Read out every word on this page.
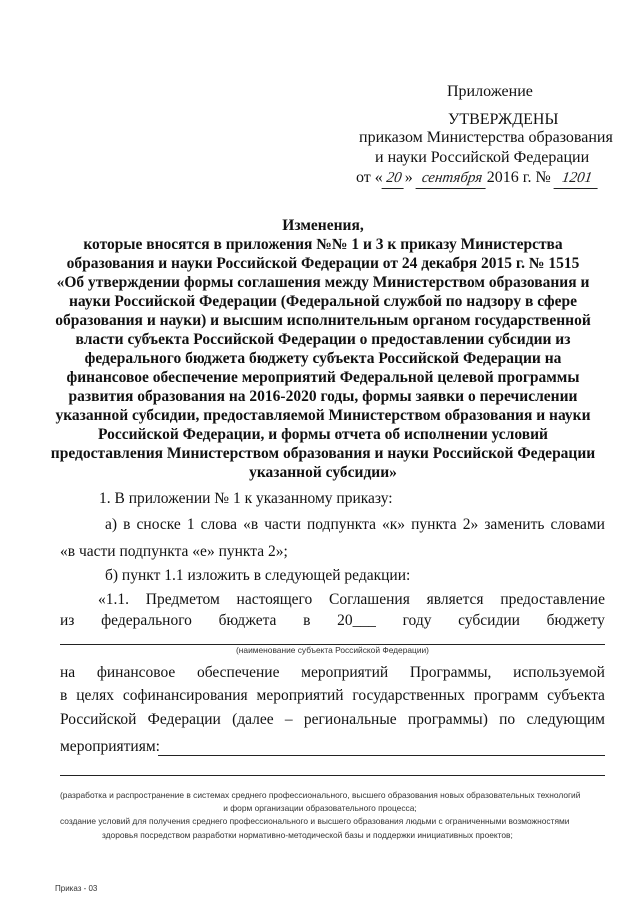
Приложение
УТВЕРЖДЕНЫ
приказом Министерства образования
и науки Российской Федерации
от « 20 » сентября 2016 г. № 1201
Изменения,
которые вносятся в приложения №№ 1 и 3 к приказу Министерства
образования и науки Российской Федерации от 24 декабря 2015 г. № 1515
«Об утверждении формы соглашения между Министерством образования и
науки Российской Федерации (Федеральной службой по надзору в сфере
образования и науки) и высшим исполнительным органом государственной
власти субъекта Российской Федерации о предоставлении субсидии из
федерального бюджета бюджету субъекта Российской Федерации на
финансовое обеспечение мероприятий Федеральной целевой программы
развития образования на 2016-2020 годы, формы заявки о перечислении
указанной субсидии, предоставляемой Министерством образования и науки
Российской Федерации, и формы отчета об исполнении условий
предоставления Министерством образования и науки Российской Федерации
указанной субсидии»
1. В приложении № 1 к указанному приказу:
а) в сноске 1 слова «в части подпункта «к» пункта 2» заменить словами
«в части подпункта «е» пункта 2»;
б) пункт 1.1 изложить в следующей редакции:
«1.1. Предметом настоящего Соглашения является предоставление
из федерального бюджета в 20___ году субсидии бюджету
(наименование субъекта Российской Федерации)
на финансовое обеспечение мероприятий Программы, используемой
в целях софинансирования мероприятий государственных программ субъекта
Российской Федерации (далее – региональные программы) по следующим
мероприятиям:
(разработка и распространение в системах среднего профессионального, высшего образования новых образовательных технологий
и форм организации образовательного процесса;
создание условий для получения среднего профессионального и высшего образования людьми с ограниченными возможностями
здоровья посредством разработки нормативно-методической базы и поддержки инициативных проектов;
Приказ - 03
